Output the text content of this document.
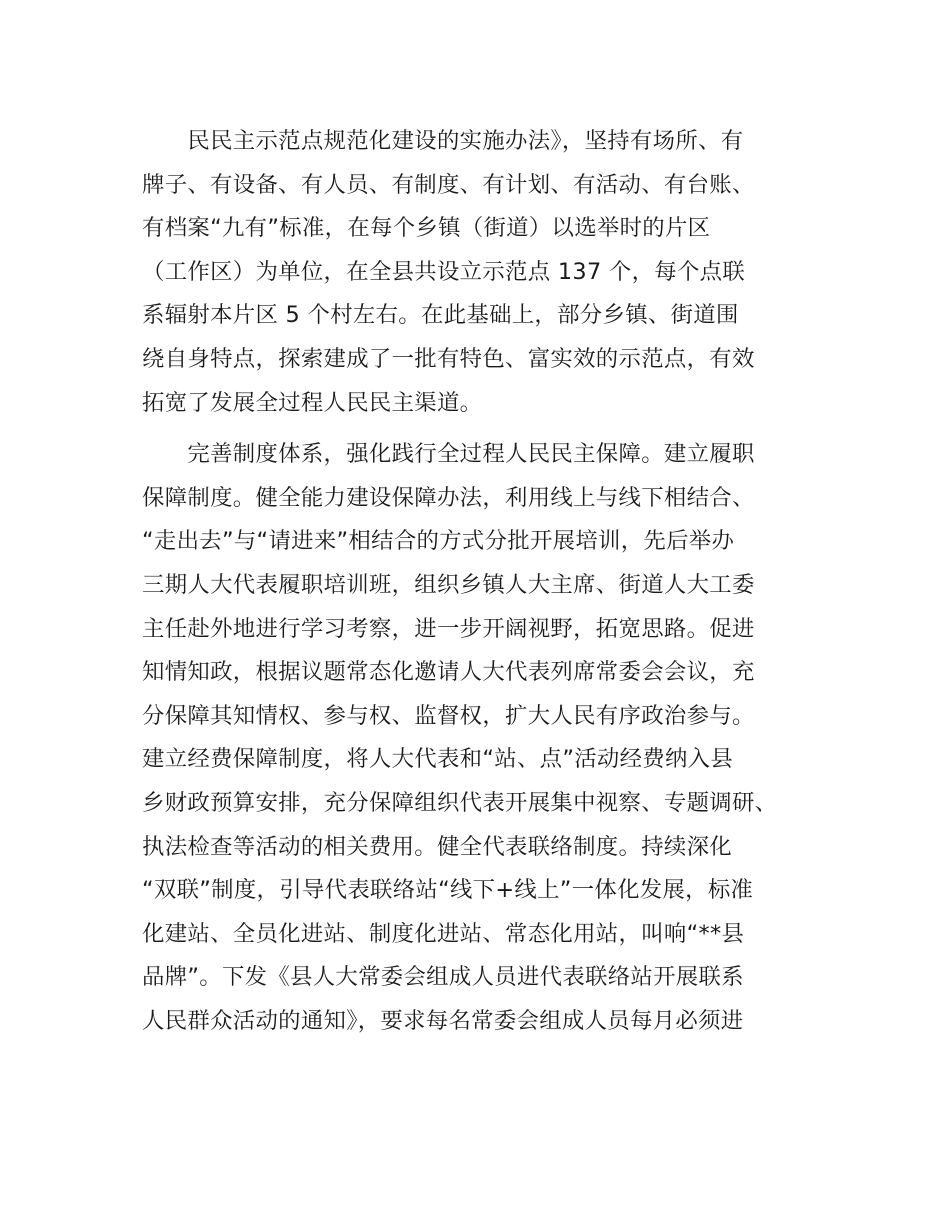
　　民民主示范点规范化建设的实施办法》，坚持有场所、有
牌子、有设备、有人员、有制度、有计划、有活动、有台账、
有档案“九有”标准，在每个乡镇（街道）以选举时的片区
（工作区）为单位，在全县共设立示范点 137 个，每个点联
系辐射本片区 5 个村左右。在此基础上，部分乡镇、街道围
绕自身特点，探索建成了一批有特色、富实效的示范点，有效
拓宽了发展全过程人民民主渠道。
　　完善制度体系，强化践行全过程人民民主保障。建立履职
保障制度。健全能力建设保障办法，利用线上与线下相结合、
“走出去”与“请进来”相结合的方式分批开展培训，先后举办
三期人大代表履职培训班，组织乡镇人大主席、街道人大工委
主任赴外地进行学习考察，进一步开阔视野，拓宽思路。促进
知情知政，根据议题常态化邀请人大代表列席常委会会议，充
分保障其知情权、参与权、监督权，扩大人民有序政治参与。
建立经费保障制度，将人大代表和“站、点”活动经费纳入县
乡财政预算安排，充分保障组织代表开展集中视察、专题调研、
执法检查等活动的相关费用。健全代表联络制度。持续深化
“双联”制度，引导代表联络站“线下+线上”一体化发展，标准
化建站、全员化进站、制度化进站、常态化用站，叫响“**县
品牌”。下发《县人大常委会组成人员进代表联络站开展联系
人民群众活动的通知》，要求每名常委会组成人员每月必须进
